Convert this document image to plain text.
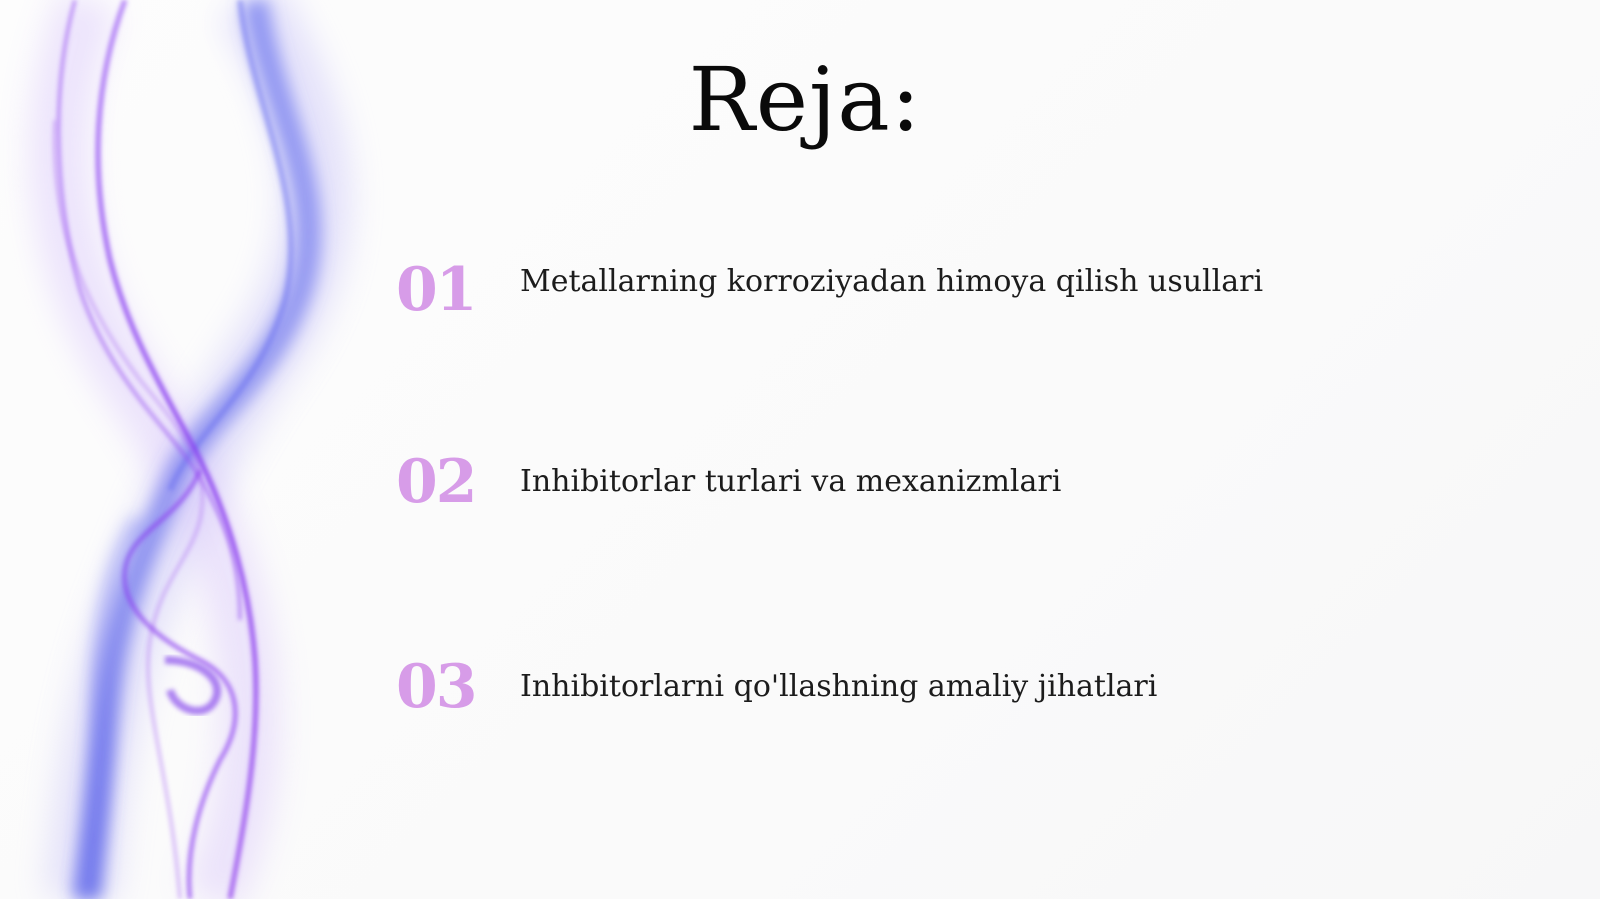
Reja:
01 Metallarning korroziyadan himoya qilish usullari
02 Inhibitorlar turlari va mexanizmlari
03 Inhibitorlarni qo'llashning amaliy jihatlari
